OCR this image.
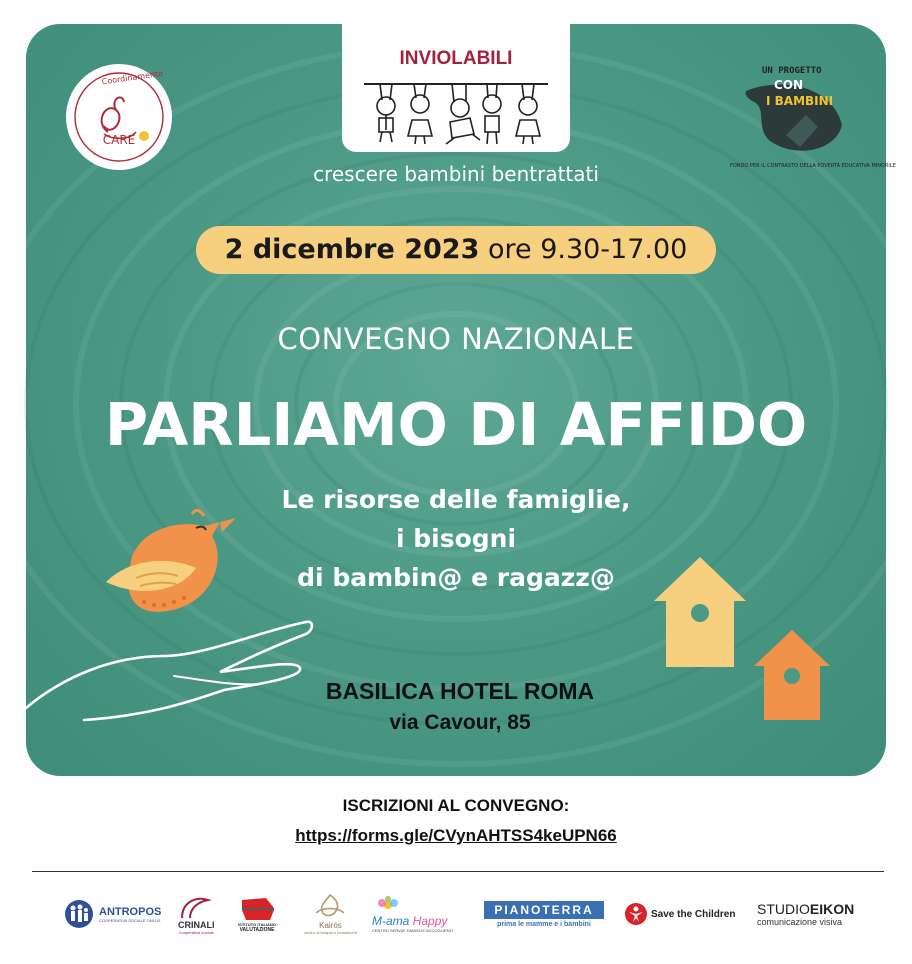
INVIOLABILI
crescere bambini bentrattati
Coordinamento
CARE
UN PROGETTO
CON
I BAMBINI
FONDO PER IL CONTRASTO DELLA POVERTÀ EDUCATIVA MINORILE
2 dicembre 2023 ore 9.30-17.00
CONVEGNO NAZIONALE
PARLIAMO DI AFFIDO
Le risorse delle famiglie,
i bisogni
di bambin@ e ragazz@
BASILICA HOTEL ROMA
via Cavour, 85
ISCRIZIONI AL CONVEGNO:
https://forms.gle/CVynAHTSS4keUPN66
ANTROPOS
COOPERATIVA SOCIALE ONLUS CRINALI
Cooperativa sociale
ISTITUTO ITALIANO
VALUTAZIONE	Kairós
centro di terapia e formazione
M-ama Happy
CENTRO SERVIZI FAMIGLIE ACCOGLIENTI
PIANOTERRA
prima le mamme e i bambini
Save the Children STUDIOEIKON
comunicazione visiva
